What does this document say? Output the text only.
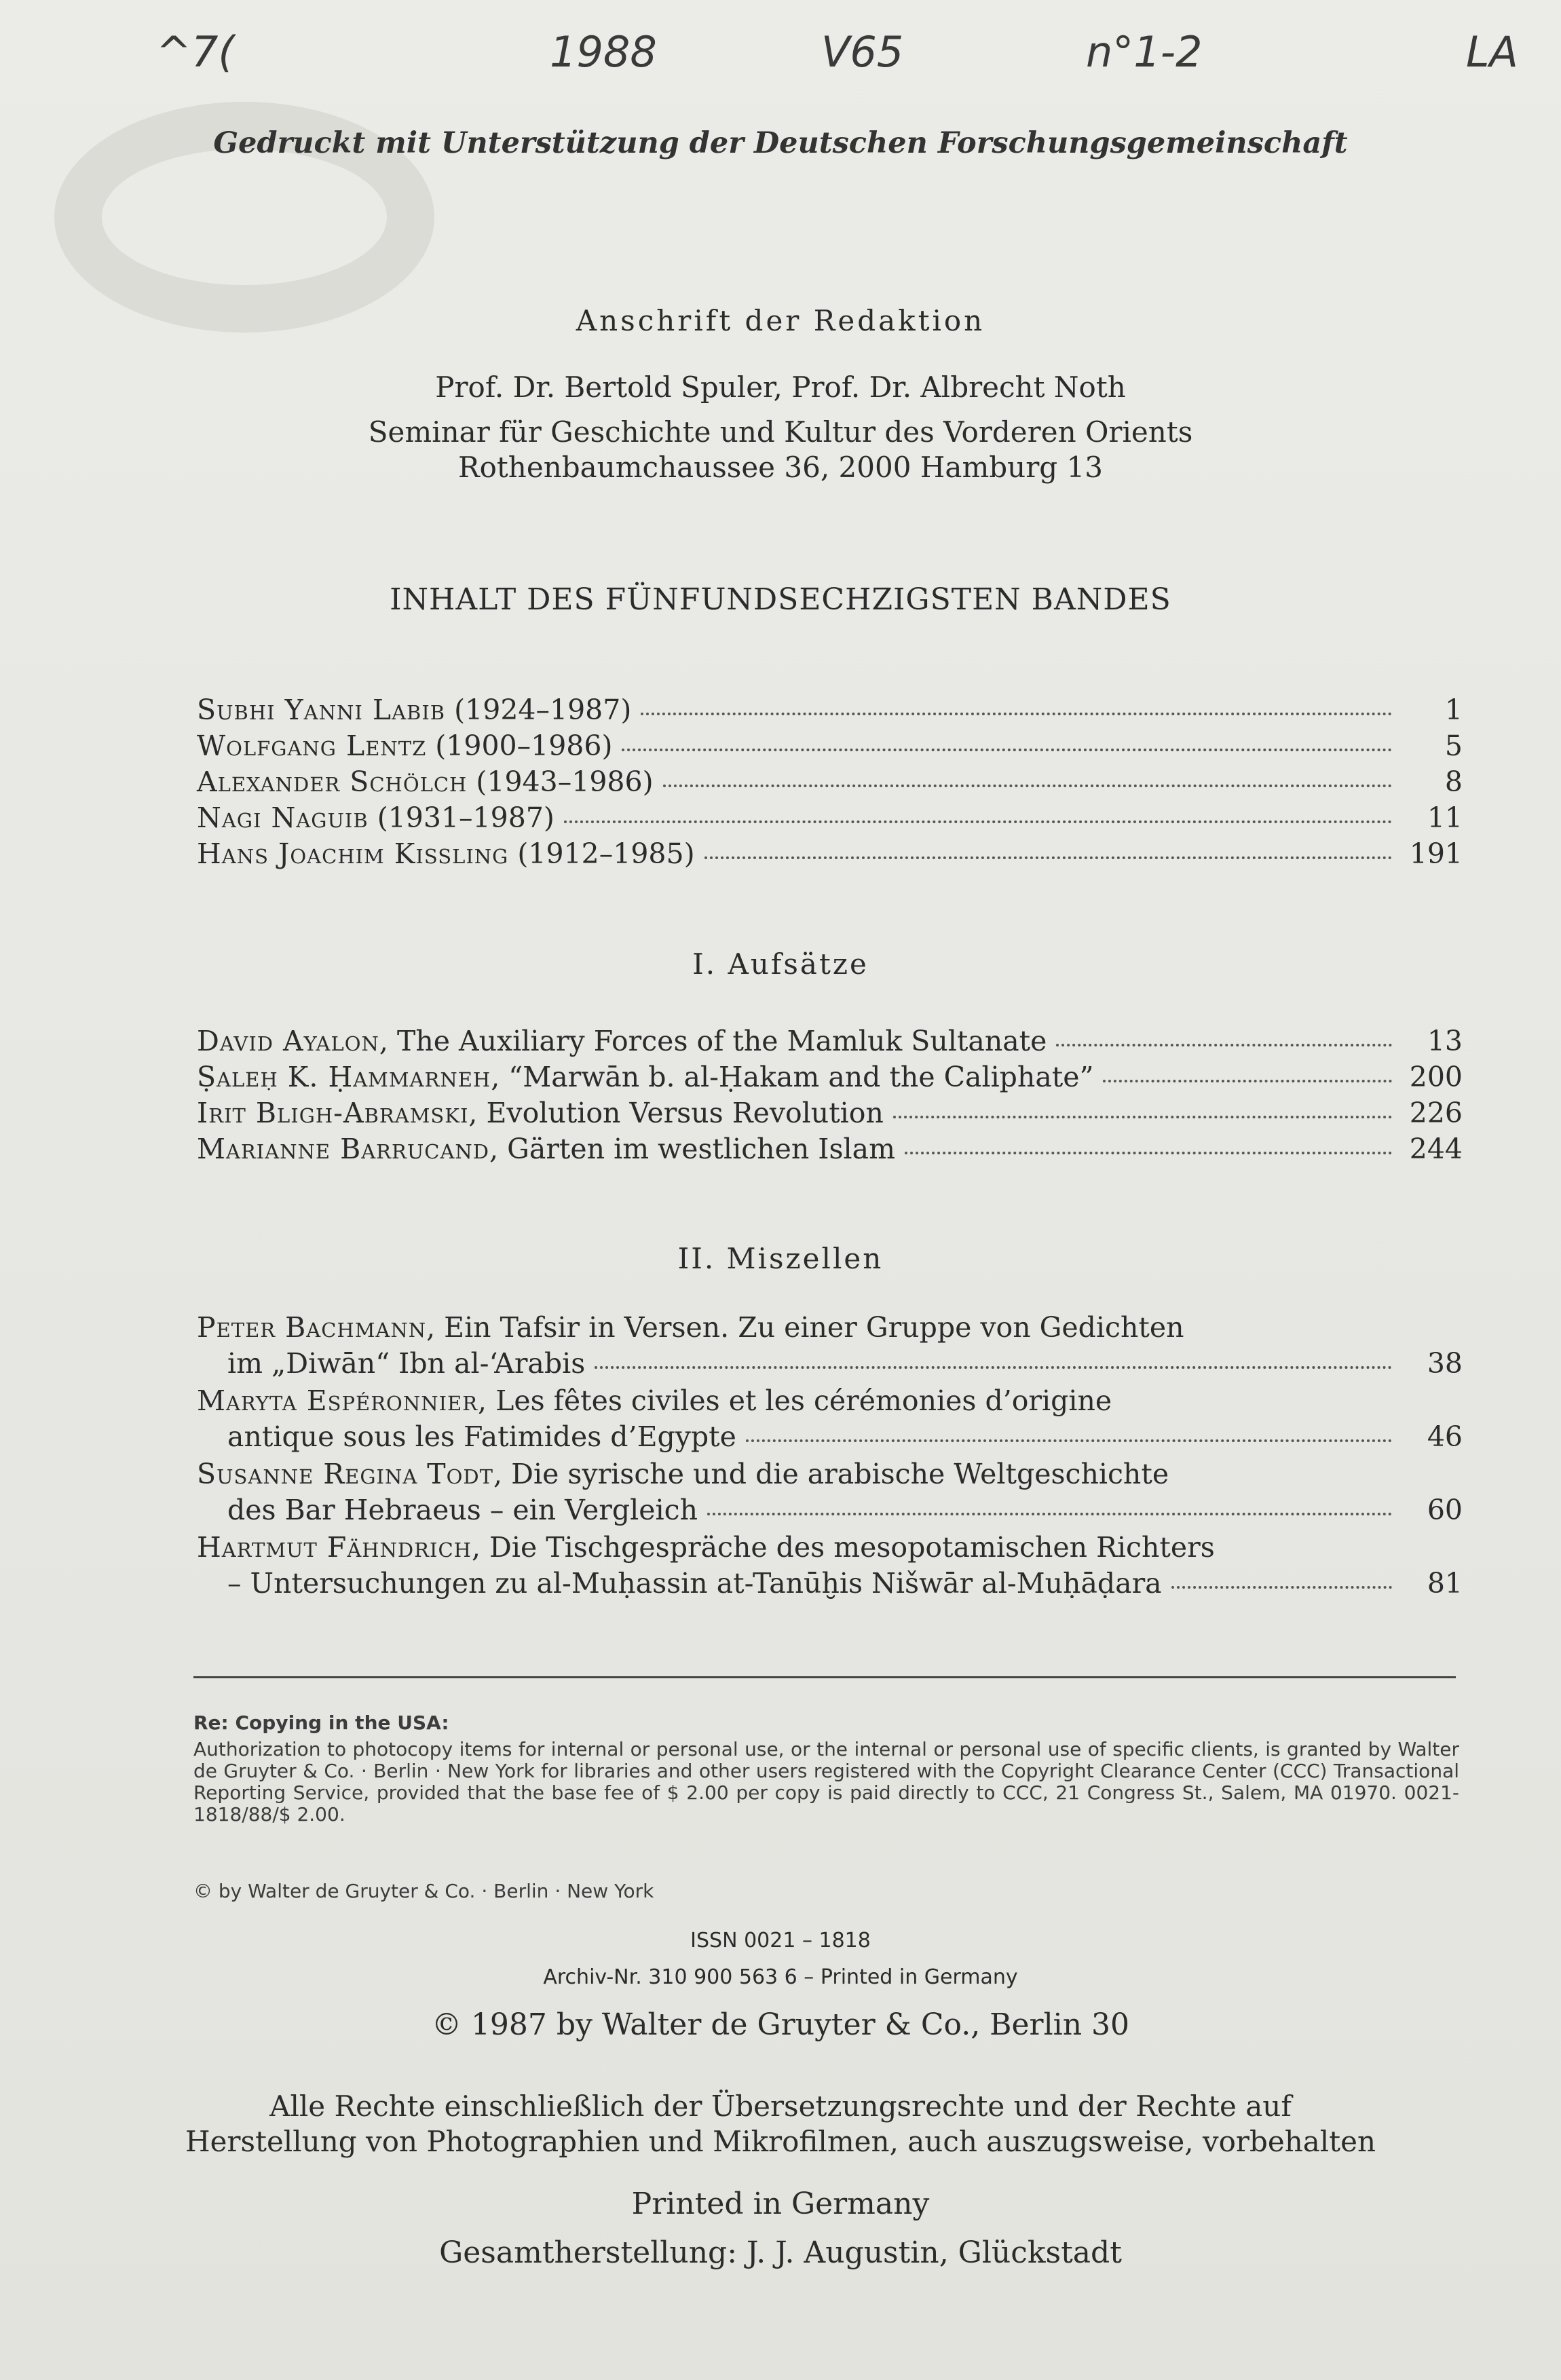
^7(	1988	V65	n°1-2	LA
Gedruckt mit Unterstützung der Deutschen Forschungsgemeinschaft
Anschrift der Redaktion
Prof. Dr. Bertold Spuler, Prof. Dr. Albrecht Noth
Seminar für Geschichte und Kultur des Vorderen Orients
Rothenbaumchaussee 36, 2000 Hamburg 13
INHALT DES FÜNFUNDSECHZIGSTEN BANDES
Subhi Yanni Labib (1924–1987)	1
Wolfgang Lentz (1900–1986)	5
Alexander Schölch (1943–1986)	8
Nagi Naguib (1931–1987)	11
Hans Joachim Kissling (1912–1985)	191
I. Aufsätze
David Ayalon, The Auxiliary Forces of the Mamluk Sultanate	13
Ṣaleḥ K. Ḥammarneh, “Marwān b. al-Ḥakam and the Caliphate”	200
Irit Bligh-Abramski, Evolution Versus Revolution	226
Marianne Barrucand, Gärten im westlichen Islam	244
II. Miszellen
Peter Bachmann, Ein Tafsir in Versen. Zu einer Gruppe von Gedichten
im „Diwān“ Ibn al-‘Arabis	38
Maryta Espéronnier, Les fêtes civiles et les cérémonies d’origine
antique sous les Fatimides d’Egypte	46
Susanne Regina Todt, Die syrische und die arabische Weltgeschichte
des Bar Hebraeus – ein Vergleich	60
Hartmut Fähndrich, Die Tischgespräche des mesopotamischen Richters
– Untersuchungen zu al-Muḥassin at-Tanūḫis Nišwār al-Muḥāḍara	81
Re: Copying in the USA:
Authorization to photocopy items for internal or personal use, or the internal or personal use of specific clients, is granted by Walter de Gruyter & Co. · Berlin · New York for libraries and other users registered with the Copyright Clearance Center (CCC) Transactional Reporting Service, provided that the base fee of $ 2.00 per copy is paid directly to CCC, 21 Congress St., Salem, MA 01970. 0021-1818/88/$ 2.00.
© by Walter de Gruyter & Co. · Berlin · New York
ISSN 0021 – 1818
Archiv-Nr. 310 900 563 6 – Printed in Germany
© 1987 by Walter de Gruyter & Co., Berlin 30
Alle Rechte einschließlich der Übersetzungsrechte und der Rechte auf
Herstellung von Photographien und Mikrofilmen, auch auszugsweise, vorbehalten
Printed in Germany
Gesamtherstellung: J. J. Augustin, Glückstadt
